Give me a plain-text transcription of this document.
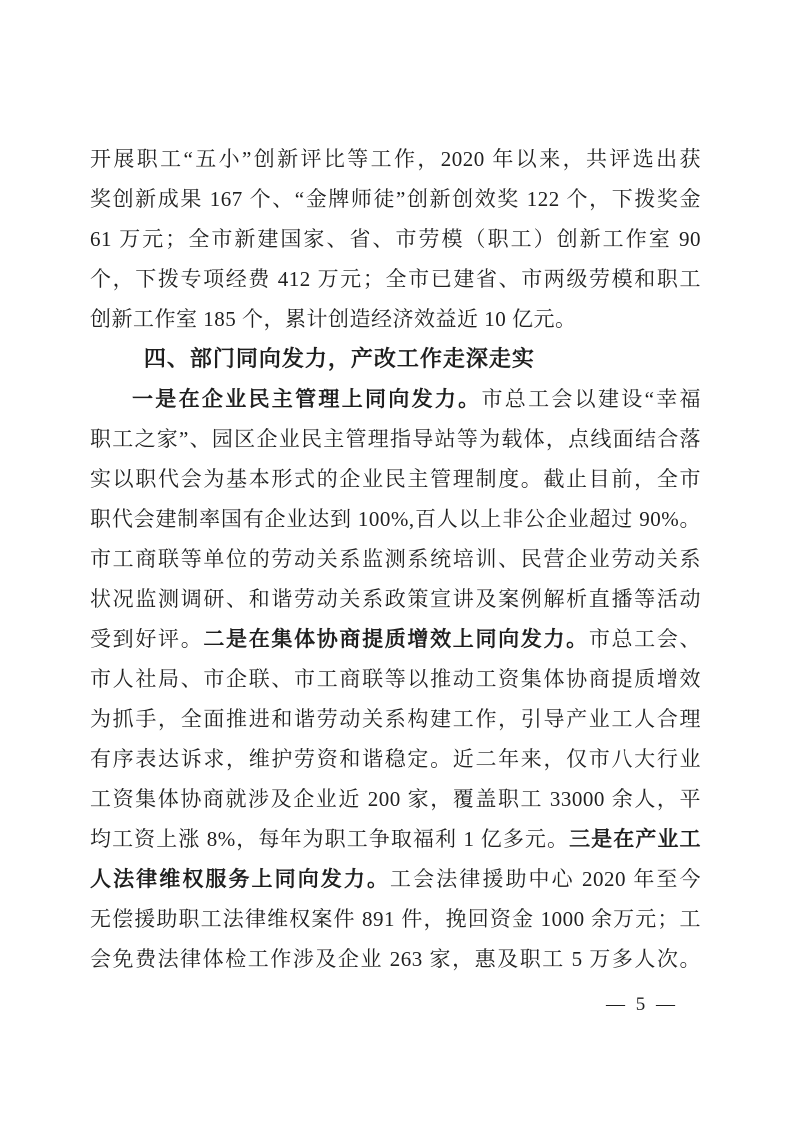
开展职工“五小”创新评比等工作，2020 年以来，共评选出获
奖创新成果 167 个、“金牌师徒”创新创效奖 122 个，下拨奖金
61 万元；全市新建国家、省、市劳模（职工）创新工作室 90
个，下拨专项经费 412 万元；全市已建省、市两级劳模和职工
创新工作室 185 个，累计创造经济效益近 10 亿元。
四、部门同向发力，产改工作走深走实
一是在企业民主管理上同向发力。市总工会以建设“幸福
职工之家”、园区企业民主管理指导站等为载体，点线面结合落
实以职代会为基本形式的企业民主管理制度。截止目前，全市
职代会建制率国有企业达到 100%,百人以上非公企业超过 90%。
市工商联等单位的劳动关系监测系统培训、民营企业劳动关系
状况监测调研、和谐劳动关系政策宣讲及案例解析直播等活动
受到好评。二是在集体协商提质增效上同向发力。市总工会、
市人社局、市企联、市工商联等以推动工资集体协商提质增效
为抓手，全面推进和谐劳动关系构建工作，引导产业工人合理
有序表达诉求，维护劳资和谐稳定。近二年来，仅市八大行业
工资集体协商就涉及企业近 200 家，覆盖职工 33000 余人，平
均工资上涨 8%，每年为职工争取福利 1 亿多元。三是在产业工
人法律维权服务上同向发力。工会法律援助中心 2020 年至今
无偿援助职工法律维权案件 891 件，挽回资金 1000 余万元；工
会免费法律体检工作涉及企业 263 家，惠及职工 5 万多人次。
— 5 —
